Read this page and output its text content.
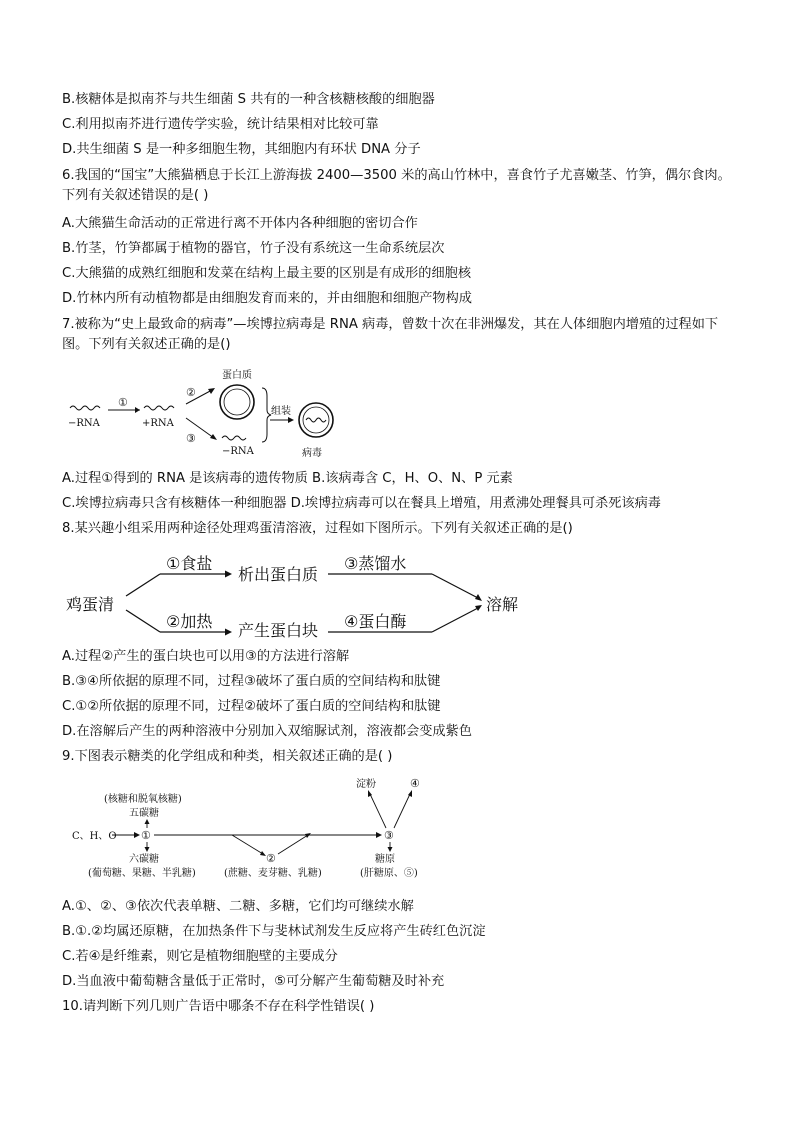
B.核糖体是拟南芥与共生细菌 S 共有的一种含核糖核酸的细胞器
C.利用拟南芥进行遗传学实验，统计结果相对比较可靠
D.共生细菌 S 是一种多细胞生物，其细胞内有环状 DNA 分子
6.我国的“国宝”大熊猫栖息于长江上游海拔 2400—3500 米的高山竹林中，喜食竹子尤喜嫩茎、竹笋，偶尔食肉。下列有关叙述错误的是( )
A.大熊猫生命活动的正常进行离不开体内各种细胞的密切合作
B.竹茎，竹笋都属于植物的器官，竹子没有系统这一生命系统层次
C.大熊猫的成熟红细胞和发菜在结构上最主要的区别是有成形的细胞核
D.竹林内所有动植物都是由细胞发育而来的，并由细胞和细胞产物构成
7.被称为“史上最致命的病毒”—埃博拉病毒是 RNA 病毒，曾数十次在非洲爆发，其在人体细胞内增殖的过程如下图。下列有关叙述正确的是()
−RNA
①
+RNA
②
③
蛋白质
−RNA
组装
病毒
A.过程①得到的 RNA 是该病毒的遗传物质 B.该病毒含 C，H、O、N、P 元素
C.埃博拉病毒只含有核糖体一种细胞器 D.埃博拉病毒可以在餐具上增殖，用煮沸处理餐具可杀死该病毒
8.某兴趣小组采用两种途径处理鸡蛋清溶液，过程如下图所示。下列有关叙述正确的是()
鸡蛋清
①食盐
②加热
析出蛋白质
产生蛋白块
③蒸馏水
④蛋白酶
溶解
A.过程②产生的蛋白块也可以用③的方法进行溶解
B.③④所依据的原理不同，过程③破坏了蛋白质的空间结构和肽键
C.①②所依据的原理不同，过程②破坏了蛋白质的空间结构和肽键
D.在溶解后产生的两种溶液中分别加入双缩脲试剂，溶液都会变成紫色
9.下图表示糖类的化学组成和种类，相关叙述正确的是( )
C、H、O ①
(核糖和脱氧核糖)
五碳糖
六碳糖
(葡萄糖、果糖、半乳糖)
②
(蔗糖、麦芽糖、乳糖)
③
淀粉	④
糖原
(肝糖原、⑤)
A.①、②、③依次代表单糖、二糖、多糖，它们均可继续水解
B.①.②均属还原糖，在加热条件下与斐林试剂发生反应将产生砖红色沉淀
C.若④是纤维素，则它是植物细胞壁的主要成分
D.当血液中葡萄糖含量低于正常时，⑤可分解产生葡萄糖及时补充
10.请判断下列几则广告语中哪条不存在科学性错误( )
